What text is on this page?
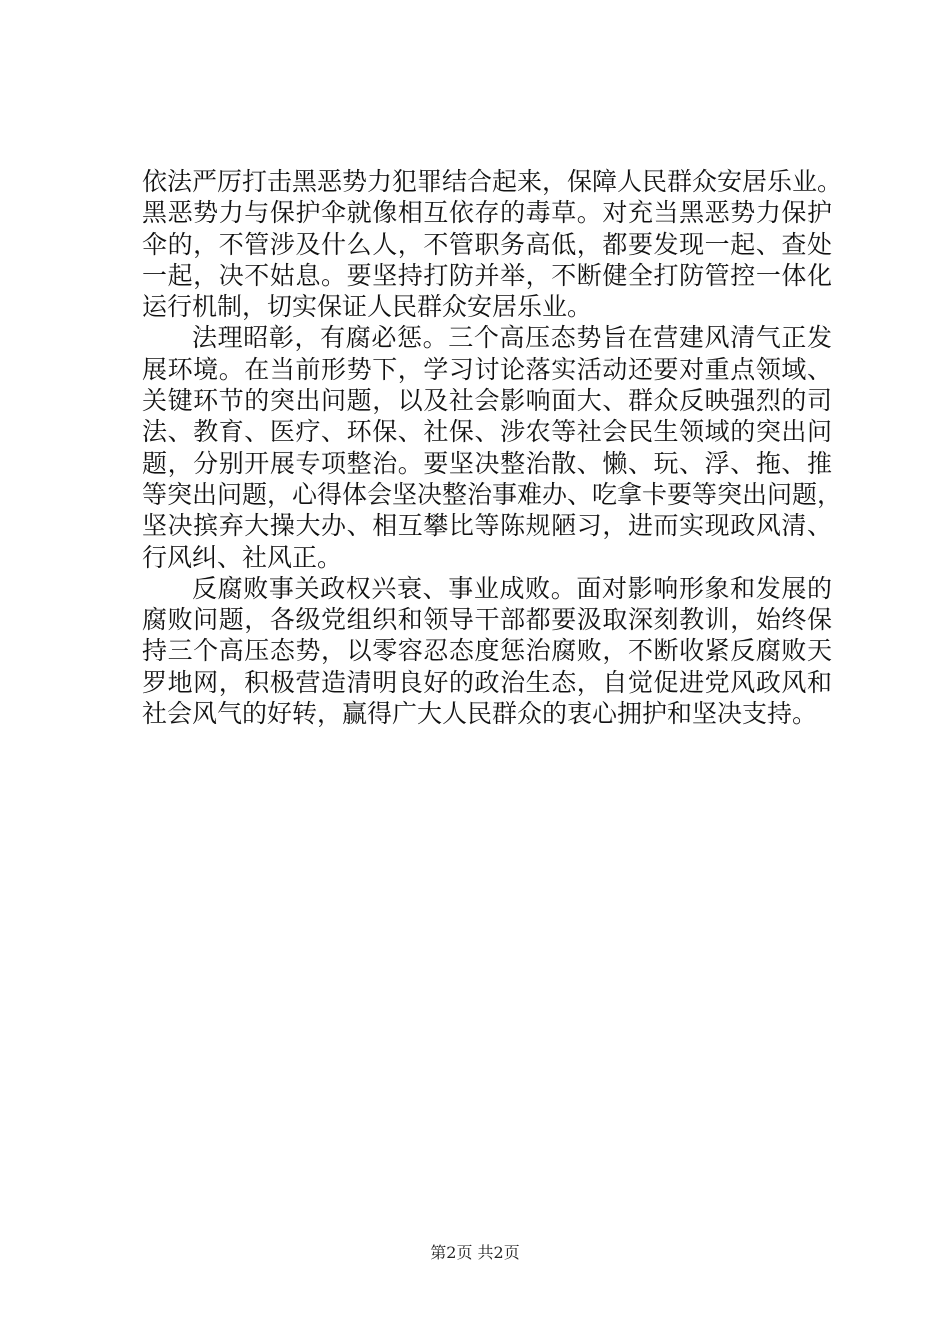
依法严厉打击黑恶势力犯罪结合起来，保障人民群众安居乐业。
黑恶势力与保护伞就像相互依存的毒草。对充当黑恶势力保护
伞的，不管涉及什么人，不管职务高低，都要发现一起、查处
一起，决不姑息。要坚持打防并举，不断健全打防管控一体化
运行机制，切实保证人民群众安居乐业。
法理昭彰，有腐必惩。三个高压态势旨在营建风清气正发
展环境。在当前形势下，学习讨论落实活动还要对重点领域、
关键环节的突出问题，以及社会影响面大、群众反映强烈的司
法、教育、医疗、环保、社保、涉农等社会民生领域的突出问
题，分别开展专项整治。要坚决整治散、懒、玩、浮、拖、推
等突出问题，心得体会坚决整治事难办、吃拿卡要等突出问题，
坚决摈弃大操大办、相互攀比等陈规陋习，进而实现政风清、
行风纠、社风正。
反腐败事关政权兴衰、事业成败。面对影响形象和发展的
腐败问题，各级党组织和领导干部都要汲取深刻教训，始终保
持三个高压态势，以零容忍态度惩治腐败，不断收紧反腐败天
罗地网，积极营造清明良好的政治生态，自觉促进党风政风和
社会风气的好转，赢得广大人民群众的衷心拥护和坚决支持。
第2页 共2页
